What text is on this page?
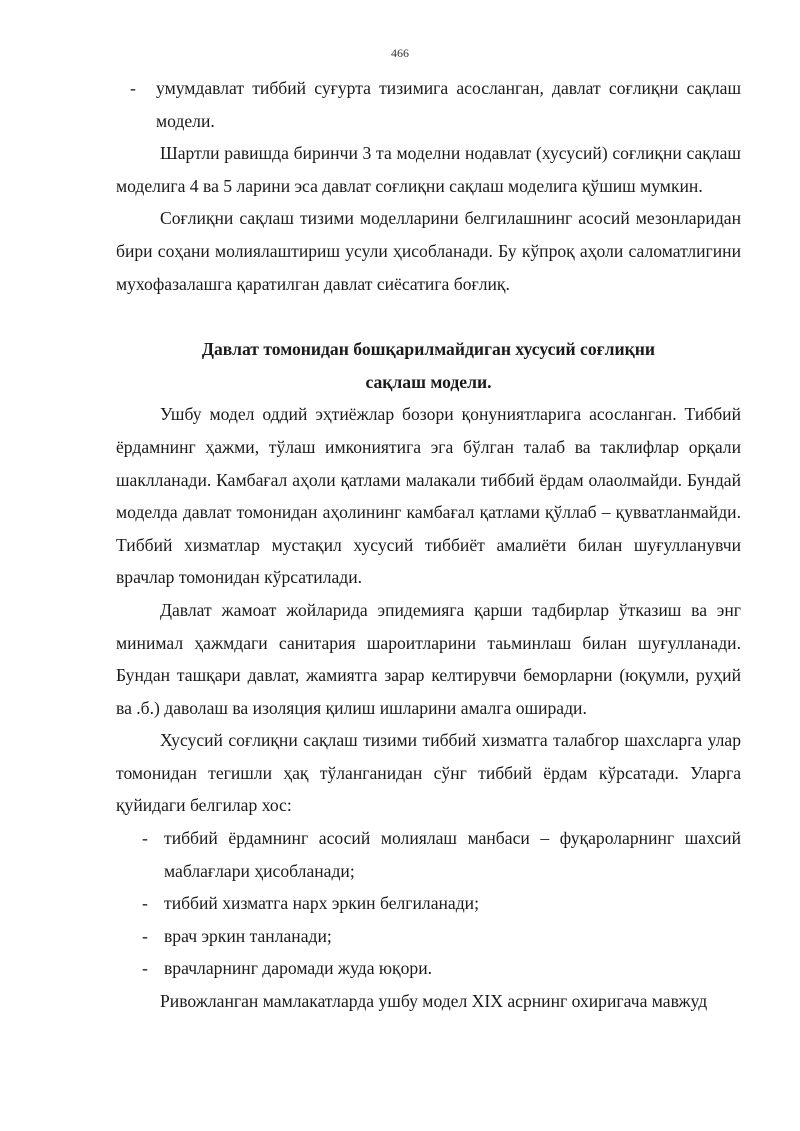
466

- умумдавлат тиббий суғурта тизимига асосланган, давлат соғлиқни сақлаш модели.

Шартли равишда биринчи 3 та моделни нодавлат (хусусий) соғлиқни сақлаш моделига 4 ва 5 ларини эса давлат соғлиқни сақлаш моделига қўшиш мумкин.

Соғлиқни сақлаш тизими моделларини белгилашнинг асосий мезонларидан бири соҳани молиялаштириш усули ҳисобланади. Бу кўпроқ аҳоли саломатлигини мухофазалашга қаратилган давлат сиёсатига боғлиқ.

Давлат томонидан бошқарилмайдиган хусусий соғлиқни
сақлаш модели.

Ушбу модел оддий эҳтиёжлар бозори қонуниятларига асосланган. Тиббий ёрдамнинг ҳажми, тўлаш имкониятига эга бўлган талаб ва таклифлар орқали шаклланади. Камбағал аҳоли қатлами малакали тиббий ёрдам олаолмайди. Бундай моделда давлат томонидан аҳолининг камбағал қатлами қўллаб – қувватланмайди. Тиббий хизматлар мустақил хусусий тиббиёт амалиёти билан шуғулланувчи врачлар томонидан кўрсатилади.

Давлат жамоат жойларида эпидемияга қарши тадбирлар ўтказиш ва энг минимал ҳажмдаги санитария шароитларини таьминлаш билан шуғулланади. Бундан ташқари давлат, жамиятга зарар келтирувчи беморларни (юқумли, руҳий ва .б.) даволаш ва изоляция қилиш ишларини амалга оширади.

Хусусий соғлиқни сақлаш тизими тиббий хизматга талабгор шахсларга улар томонидан тегишли ҳақ тўланганидан сўнг тиббий ёрдам кўрсатади. Уларга қуйидаги белгилар хос:

- тиббий ёрдамнинг асосий молиялаш манбаси – фуқароларнинг шахсий маблағлари ҳисобланади;

- тиббий хизматга нарх эркин белгиланади;

- врач эркин танланади;

- врачларнинг даромади жуда юқори.

Ривожланган мамлакатларда ушбу модел XIX асрнинг охиригача мавжуд
